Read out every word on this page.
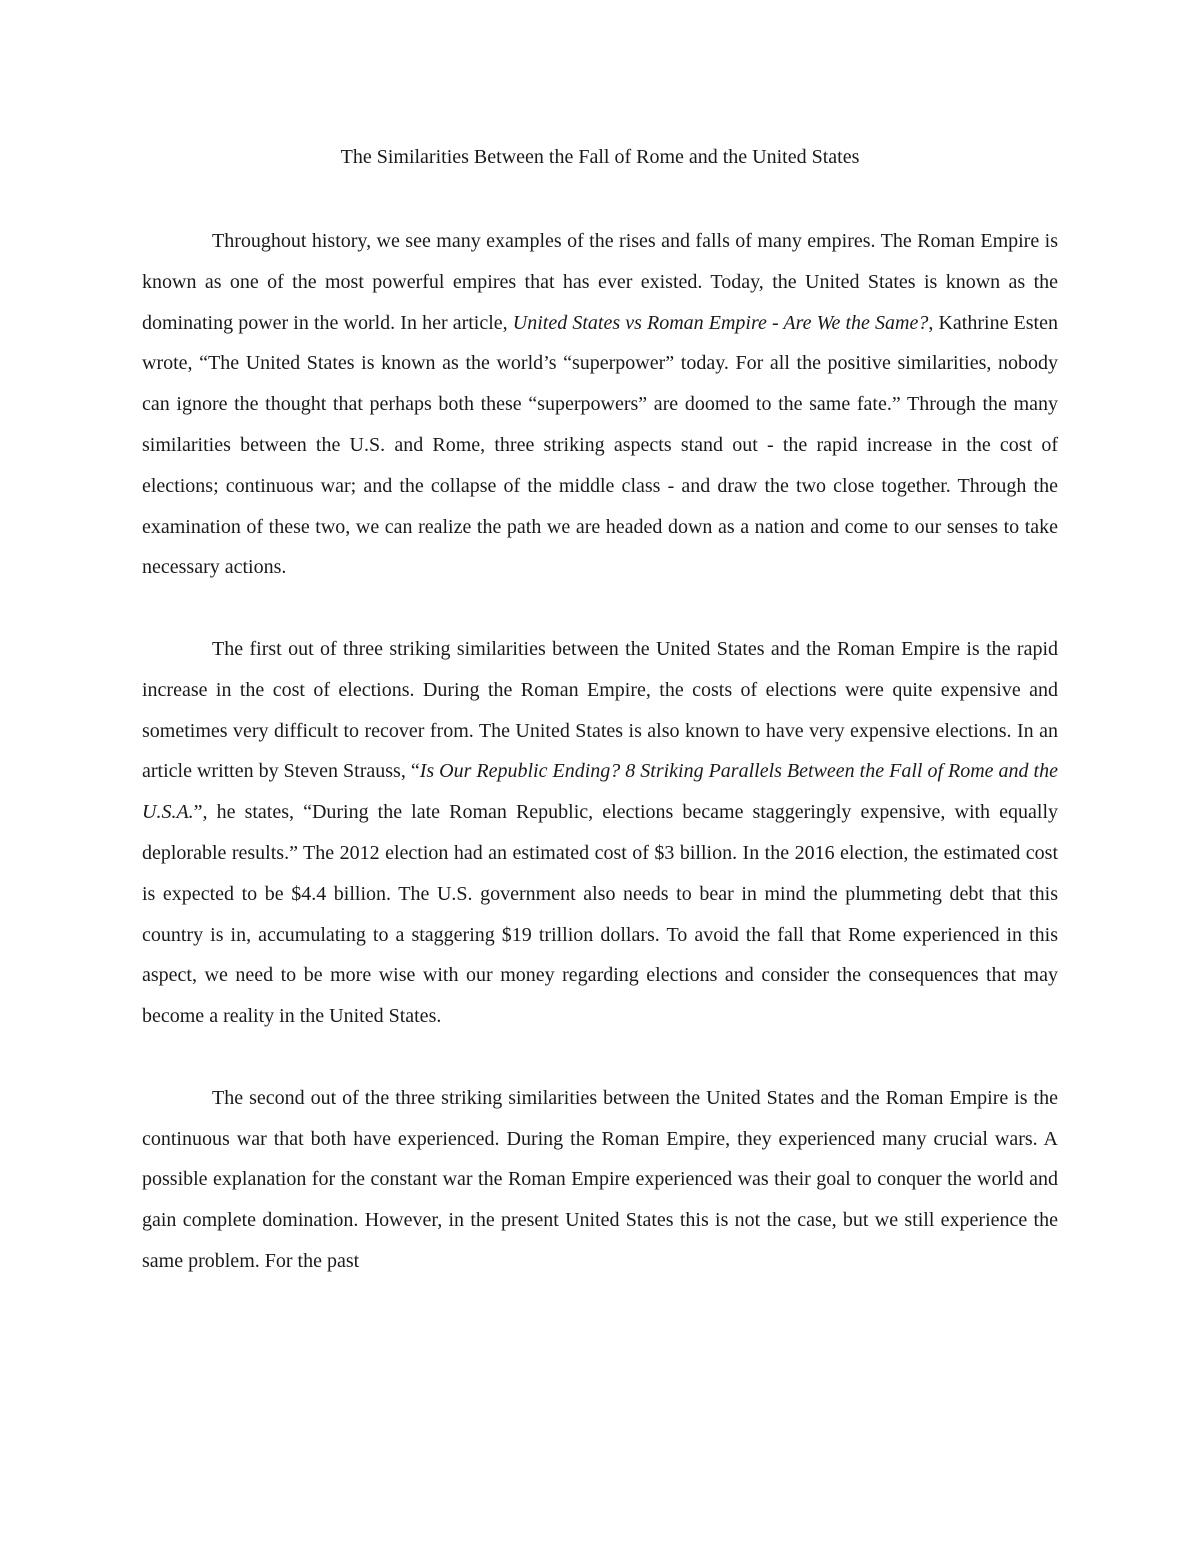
The Similarities Between the Fall of Rome and the United States

Throughout history, we see many examples of the rises and falls of many empires. The Roman Empire is known as one of the most powerful empires that has ever existed. Today, the United States is known as the dominating power in the world. In her article, United States vs Roman Empire - Are We the Same?, Kathrine Esten wrote, “The United States is known as the world’s “superpower” today. For all the positive similarities, nobody can ignore the thought that perhaps both these “superpowers” are doomed to the same fate.” Through the many similarities between the U.S. and Rome, three striking aspects stand out - the rapid increase in the cost of elections; continuous war; and the collapse of the middle class - and draw the two close together. Through the examination of these two, we can realize the path we are headed down as a nation and come to our senses to take necessary actions.

The first out of three striking similarities between the United States and the Roman Empire is the rapid increase in the cost of elections. During the Roman Empire, the costs of elections were quite expensive and sometimes very difficult to recover from. The United States is also known to have very expensive elections. In an article written by Steven Strauss, “Is Our Republic Ending? 8 Striking Parallels Between the Fall of Rome and the U.S.A.”, he states, “During the late Roman Republic, elections became staggeringly expensive, with equally deplorable results.” The 2012 election had an estimated cost of $3 billion. In the 2016 election, the estimated cost is expected to be $4.4 billion. The U.S. government also needs to bear in mind the plummeting debt that this country is in, accumulating to a staggering $19 trillion dollars. To avoid the fall that Rome experienced in this aspect, we need to be more wise with our money regarding elections and consider the consequences that may become a reality in the United States.

The second out of the three striking similarities between the United States and the Roman Empire is the continuous war that both have experienced. During the Roman Empire, they experienced many crucial wars. A possible explanation for the constant war the Roman Empire experienced was their goal to conquer the world and gain complete domination. However, in the present United States this is not the case, but we still experience the same problem. For the past
